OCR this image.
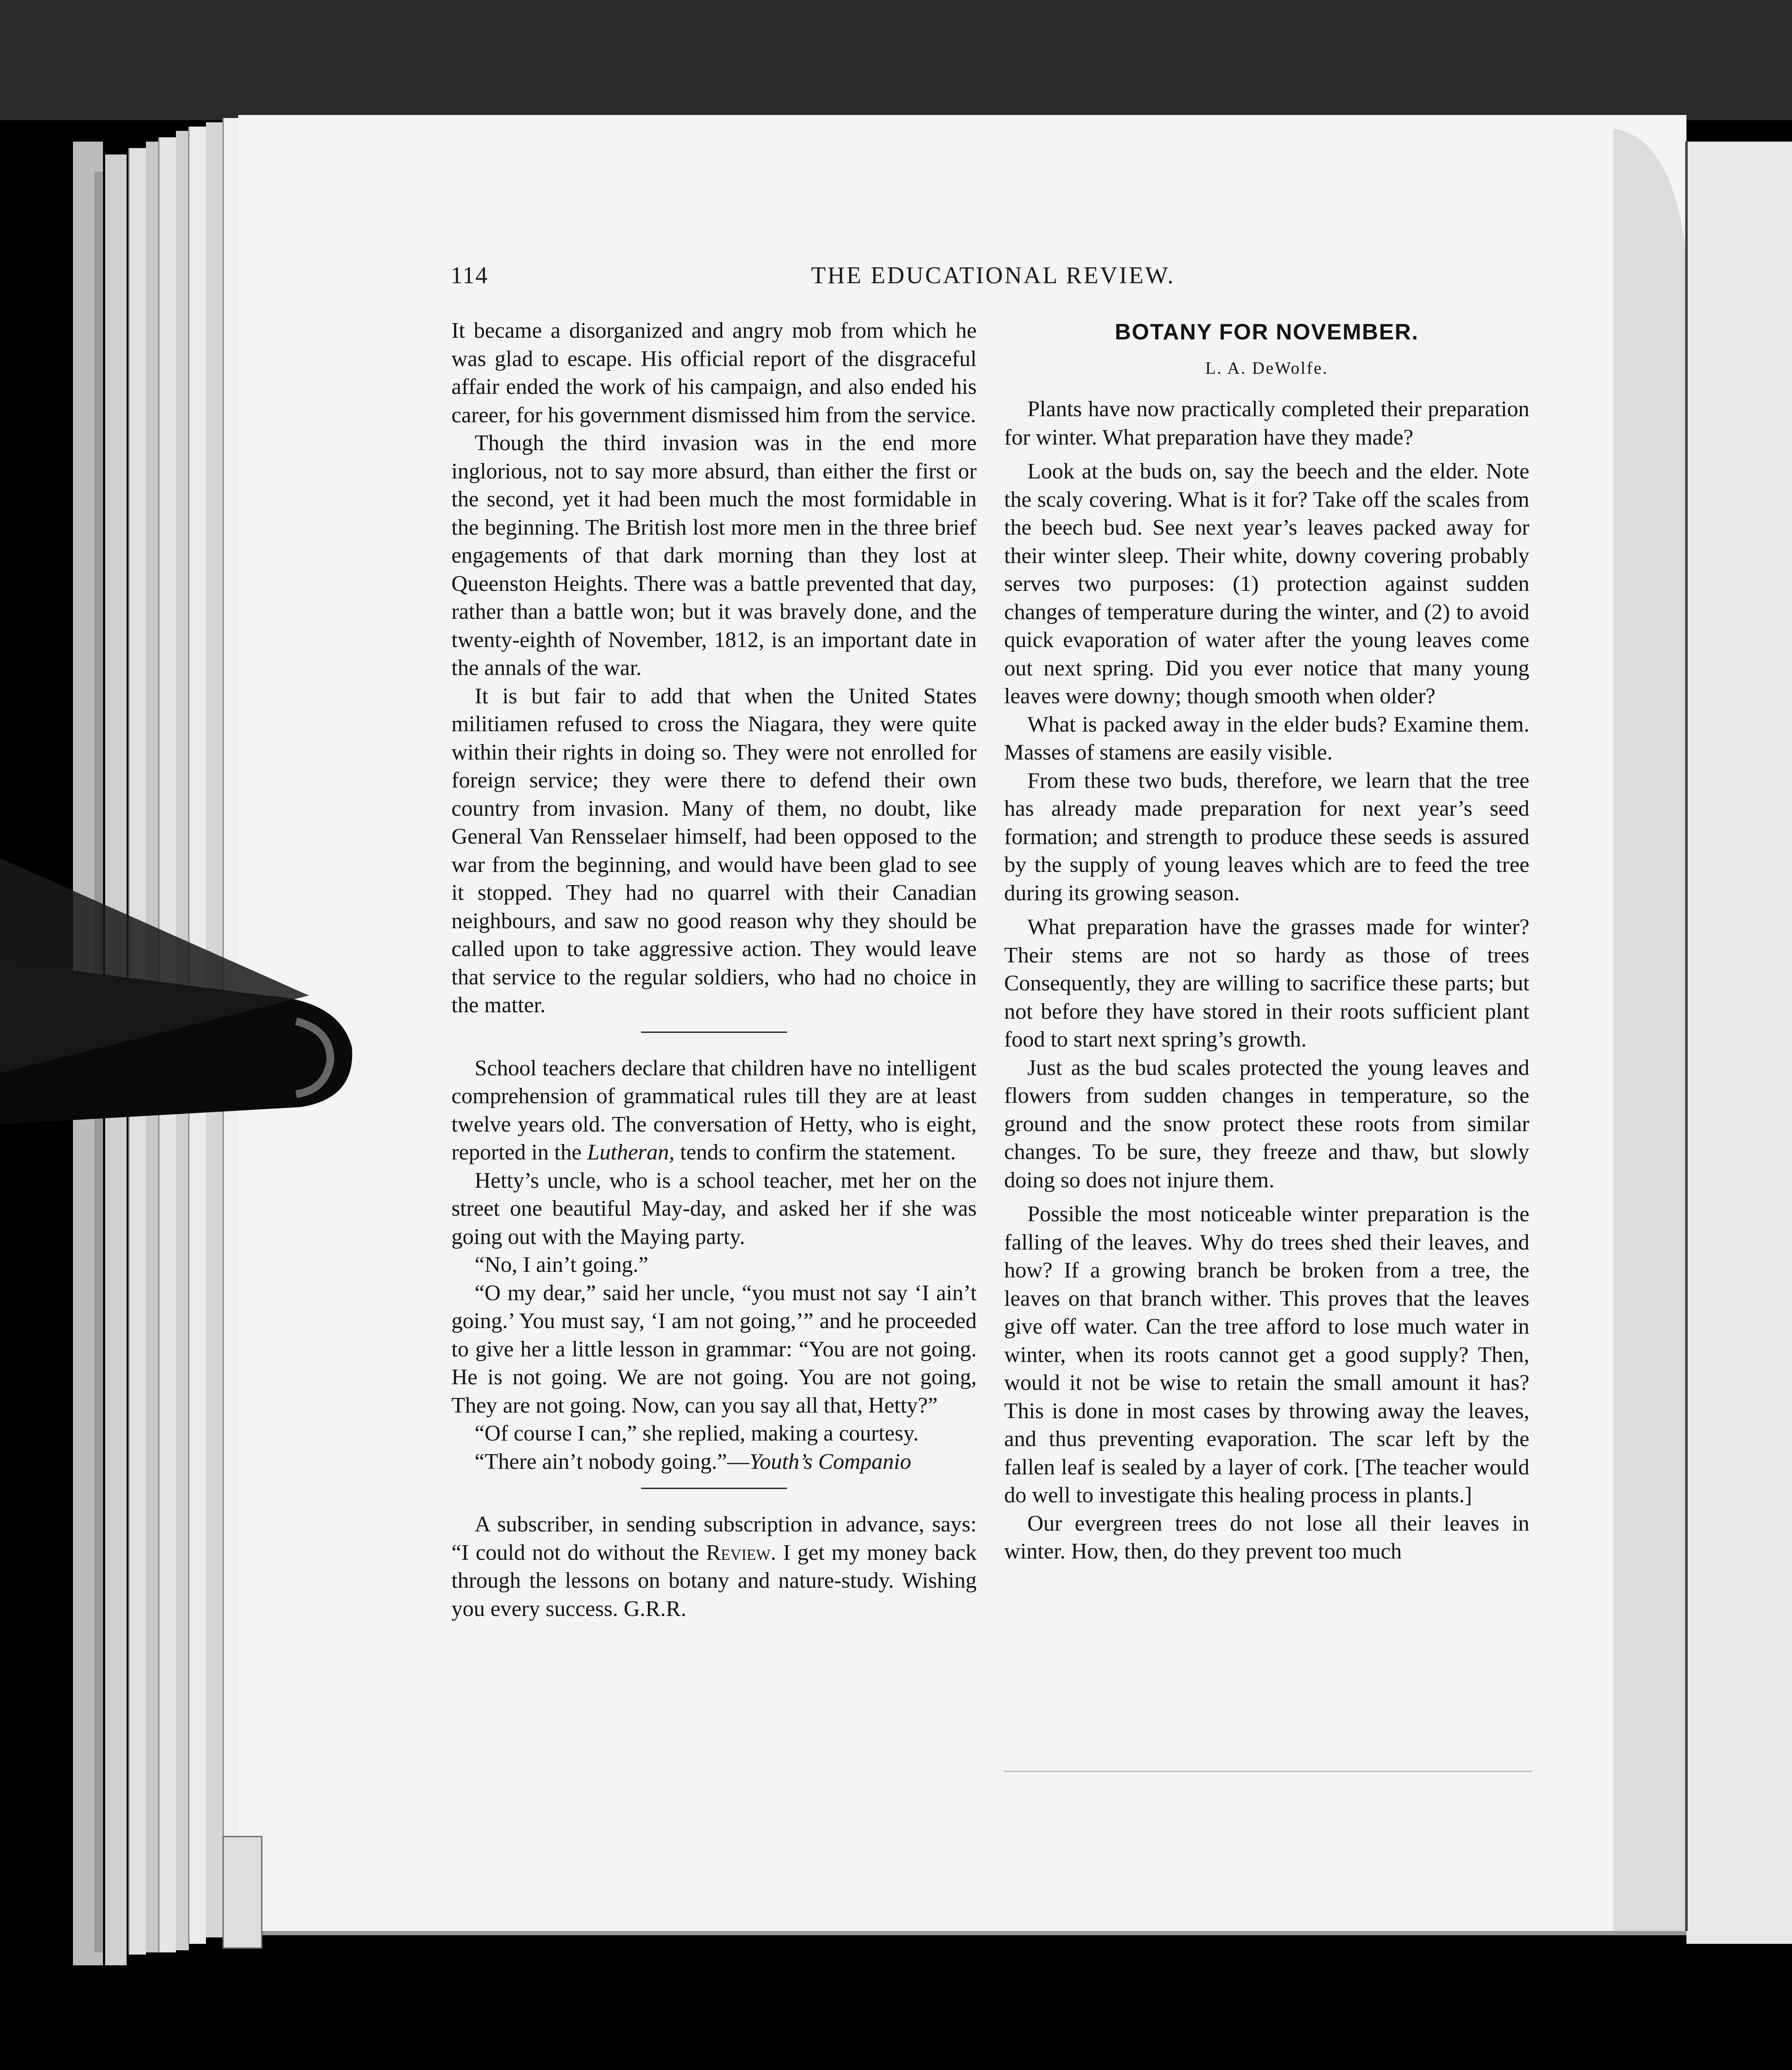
114	THE EDUCATIONAL REVIEW.

It became a disorganized and angry mob from which he was glad to escape. His official report of the disgraceful affair ended the work of his campaign, and also ended his career, for his government dismissed him from the service.

Though the third invasion was in the end more inglorious, not to say more absurd, than either the first or the second, yet it had been much the most formidable in the beginning. The British lost more men in the three brief engagements of that dark morning than they lost at Queenston Heights. There was a battle prevented that day, rather than a battle won; but it was bravely done, and the twenty-eighth of November, 1812, is an important date in the annals of the war.

It is but fair to add that when the United States militiamen refused to cross the Niagara, they were quite within their rights in doing so. They were not enrolled for foreign service; they were there to defend their own country from invasion. Many of them, no doubt, like General Van Rensselaer himself, had been opposed to the war from the beginning, and would have been glad to see it stopped. They had no quarrel with their Canadian neighbours, and saw no good reason why they should be called upon to take aggressive action. They would leave that service to the regular soldiers, who had no choice in the matter.

School teachers declare that children have no intelligent comprehension of grammatical rules till they are at least twelve years old. The conversation of Hetty, who is eight, reported in the Lutheran, tends to confirm the statement.

Hetty’s uncle, who is a school teacher, met her on the street one beautiful May-day, and asked her if she was going out with the Maying party.

“No, I ain’t going.”

“O my dear,” said her uncle, “you must not say ‘I ain’t going.’ You must say, ‘I am not going,’” and he proceeded to give her a little lesson in grammar: “You are not going. He is not going. We are not going. You are not going, They are not going. Now, can you say all that, Hetty?”

“Of course I can,” she replied, making a courtesy.

“There ain’t nobody going.”—Youth’s Companio

A subscriber, in sending subscription in advance, says: “I could not do without the Review. I get my money back through the lessons on botany and nature-study. Wishing you every success. G.R.R.

BOTANY FOR NOVEMBER.
L. A. DeWolfe.

Plants have now practically completed their preparation for winter. What preparation have they made?

Look at the buds on, say the beech and the elder. Note the scaly covering. What is it for? Take off the scales from the beech bud. See next year’s leaves packed away for their winter sleep. Their white, downy covering probably serves two purposes: (1) protection against sudden changes of temperature during the winter, and (2) to avoid quick evaporation of water after the young leaves come out next spring. Did you ever notice that many young leaves were downy; though smooth when older?

What is packed away in the elder buds? Examine them. Masses of stamens are easily visible.

From these two buds, therefore, we learn that the tree has already made preparation for next year’s seed formation; and strength to produce these seeds is assured by the supply of young leaves which are to feed the tree during its growing season.

What preparation have the grasses made for winter? Their stems are not so hardy as those of trees Consequently, they are willing to sacrifice these parts; but not before they have stored in their roots sufficient plant food to start next spring’s growth.

Just as the bud scales protected the young leaves and flowers from sudden changes in temperature, so the ground and the snow protect these roots from similar changes. To be sure, they freeze and thaw, but slowly doing so does not injure them.

Possible the most noticeable winter preparation is the falling of the leaves. Why do trees shed their leaves, and how? If a growing branch be broken from a tree, the leaves on that branch wither. This proves that the leaves give off water. Can the tree afford to lose much water in winter, when its roots cannot get a good supply? Then, would it not be wise to retain the small amount it has? This is done in most cases by throwing away the leaves, and thus preventing evaporation. The scar left by the fallen leaf is sealed by a layer of cork. [The teacher would do well to investigate this healing process in plants.]

Our evergreen trees do not lose all their leaves in winter. How, then, do they prevent too much
